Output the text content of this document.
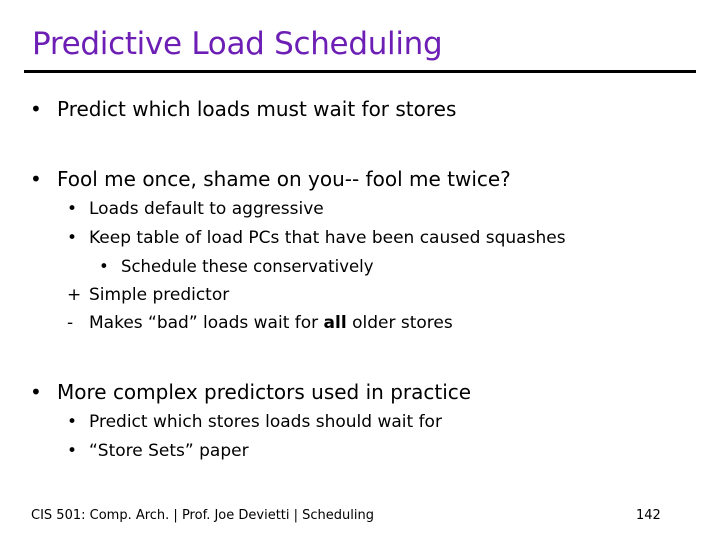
Predictive Load Scheduling
• Predict which loads must wait for stores
• Fool me once, shame on you-- fool me twice?
• Loads default to aggressive
• Keep table of load PCs that have been caused squashes
• Schedule these conservatively
+ Simple predictor
- Makes “bad” loads wait for all older stores
• More complex predictors used in practice
• Predict which stores loads should wait for
• “Store Sets” paper
CIS 501: Comp. Arch. | Prof. Joe Devietti | Scheduling	142
